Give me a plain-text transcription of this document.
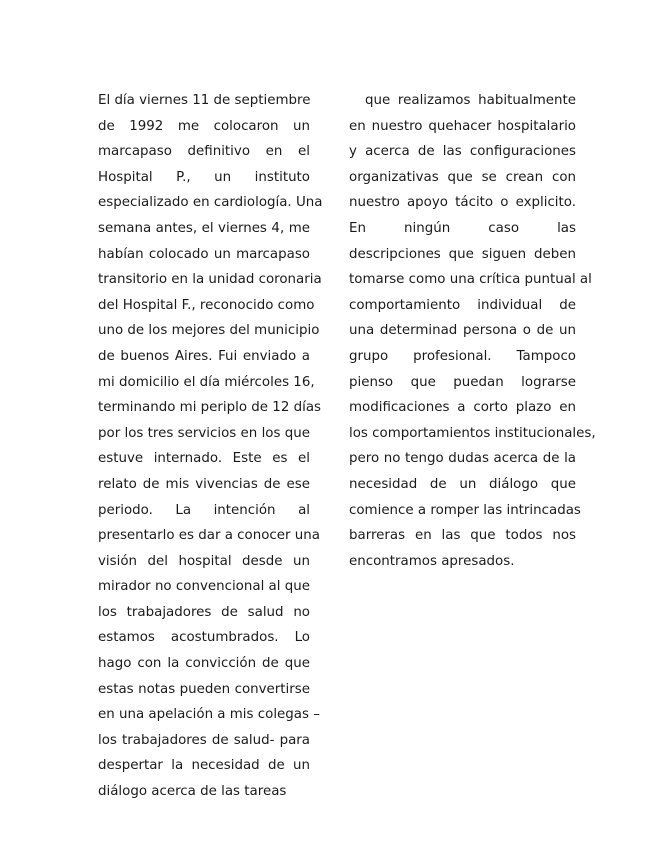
El día viernes 11 de septiembre
de 1992 me colocaron un
marcapaso definitivo en el
Hospital P., un instituto
especializado en cardiología. Una
semana antes, el viernes 4, me
habían colocado un marcapaso
transitorio en la unidad coronaria
del Hospital F., reconocido como
uno de los mejores del municipio
de buenos Aires. Fui enviado a
mi domicilio el día miércoles 16,
terminando mi periplo de 12 días
por los tres servicios en los que
estuve internado. Este es el
relato de mis vivencias de ese
periodo. La intención al
presentarlo es dar a conocer una
visión del hospital desde un
mirador no convencional al que
los trabajadores de salud no
estamos acostumbrados. Lo
hago con la convicción de que
estas notas pueden convertirse
en una apelación a mis colegas –
los trabajadores de salud- para
despertar la necesidad de un
diálogo acerca de las tareas
que realizamos habitualmente
en nuestro quehacer hospitalario
y acerca de las configuraciones
organizativas que se crean con
nuestro apoyo tácito o explicito.
En ningún caso las
descripciones que siguen deben
tomarse como una crítica puntual al
comportamiento individual de
una determinad persona o de un
grupo profesional. Tampoco
pienso que puedan lograrse
modificaciones a corto plazo en
los comportamientos institucionales,
pero no tengo dudas acerca de la
necesidad de un diálogo que
comience a romper las intrincadas
barreras en las que todos nos
encontramos apresados.
